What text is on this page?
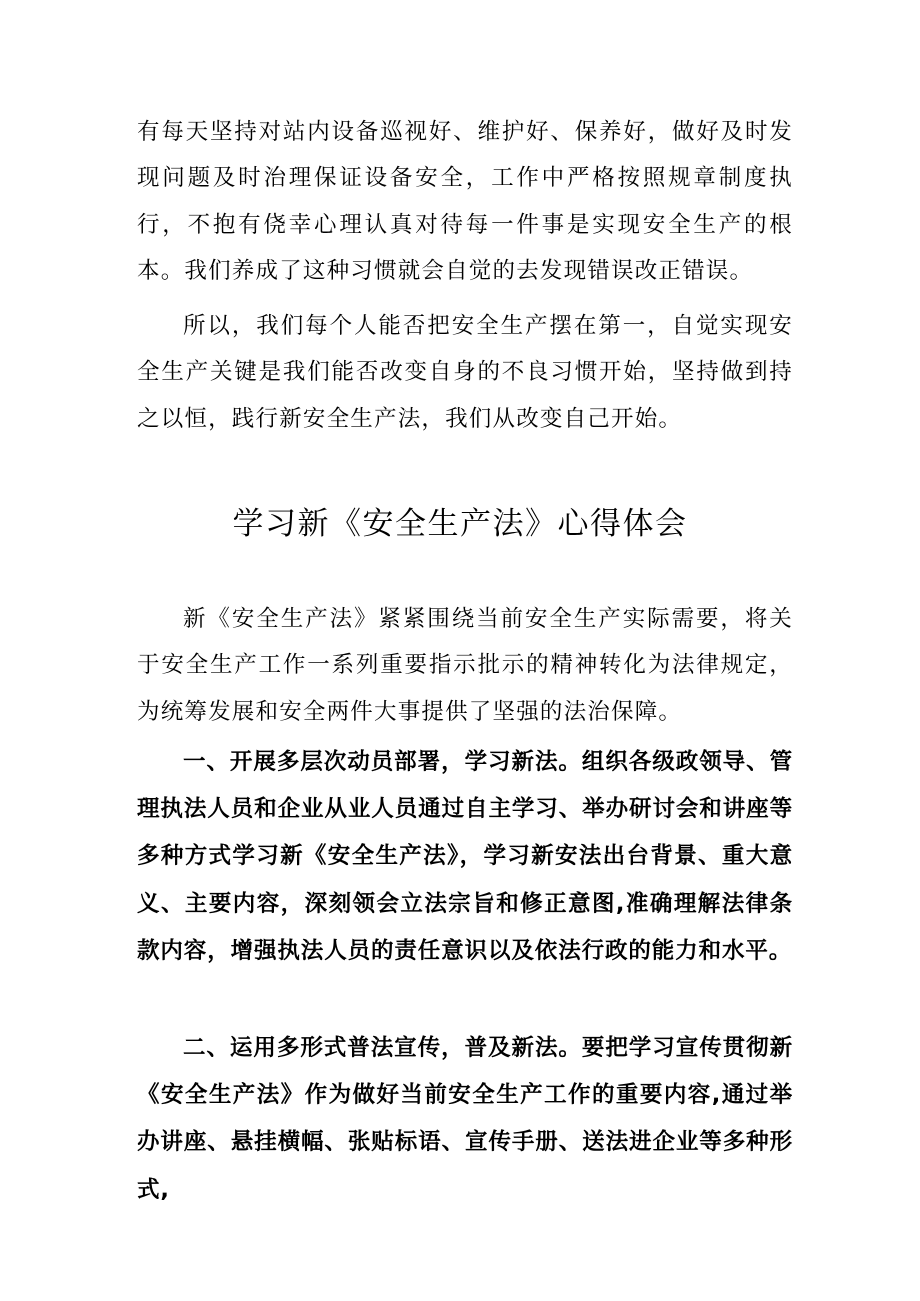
有每天坚持对站内设备巡视好、维护好、保养好，做好及时发现问题及时治理保证设备安全，工作中严格按照规章制度执行，不抱有侥幸心理认真对待每一件事是实现安全生产的根本。我们养成了这种习惯就会自觉的去发现错误改正错误。

所以，我们每个人能否把安全生产摆在第一，自觉实现安全生产关键是我们能否改变自身的不良习惯开始，坚持做到持之以恒，践行新安全生产法，我们从改变自己开始。

学习新《安全生产法》心得体会

新《安全生产法》紧紧围绕当前安全生产实际需要，将关于安全生产工作一系列重要指示批示的精神转化为法律规定，为统筹发展和安全两件大事提供了坚强的法治保障。

一、开展多层次动员部署，学习新法。组织各级政领导、管理执法人员和企业从业人员通过自主学习、举办研讨会和讲座等多种方式学习新《安全生产法》，学习新安法出台背景、重大意义、主要内容，深刻领会立法宗旨和修正意图,准确理解法律条款内容，增强执法人员的责任意识以及依法行政的能力和水平。

二、运用多形式普法宣传，普及新法。要把学习宣传贯彻新《安全生产法》作为做好当前安全生产工作的重要内容,通过举办讲座、悬挂横幅、张贴标语、宣传手册、送法进企业等多种形式,
